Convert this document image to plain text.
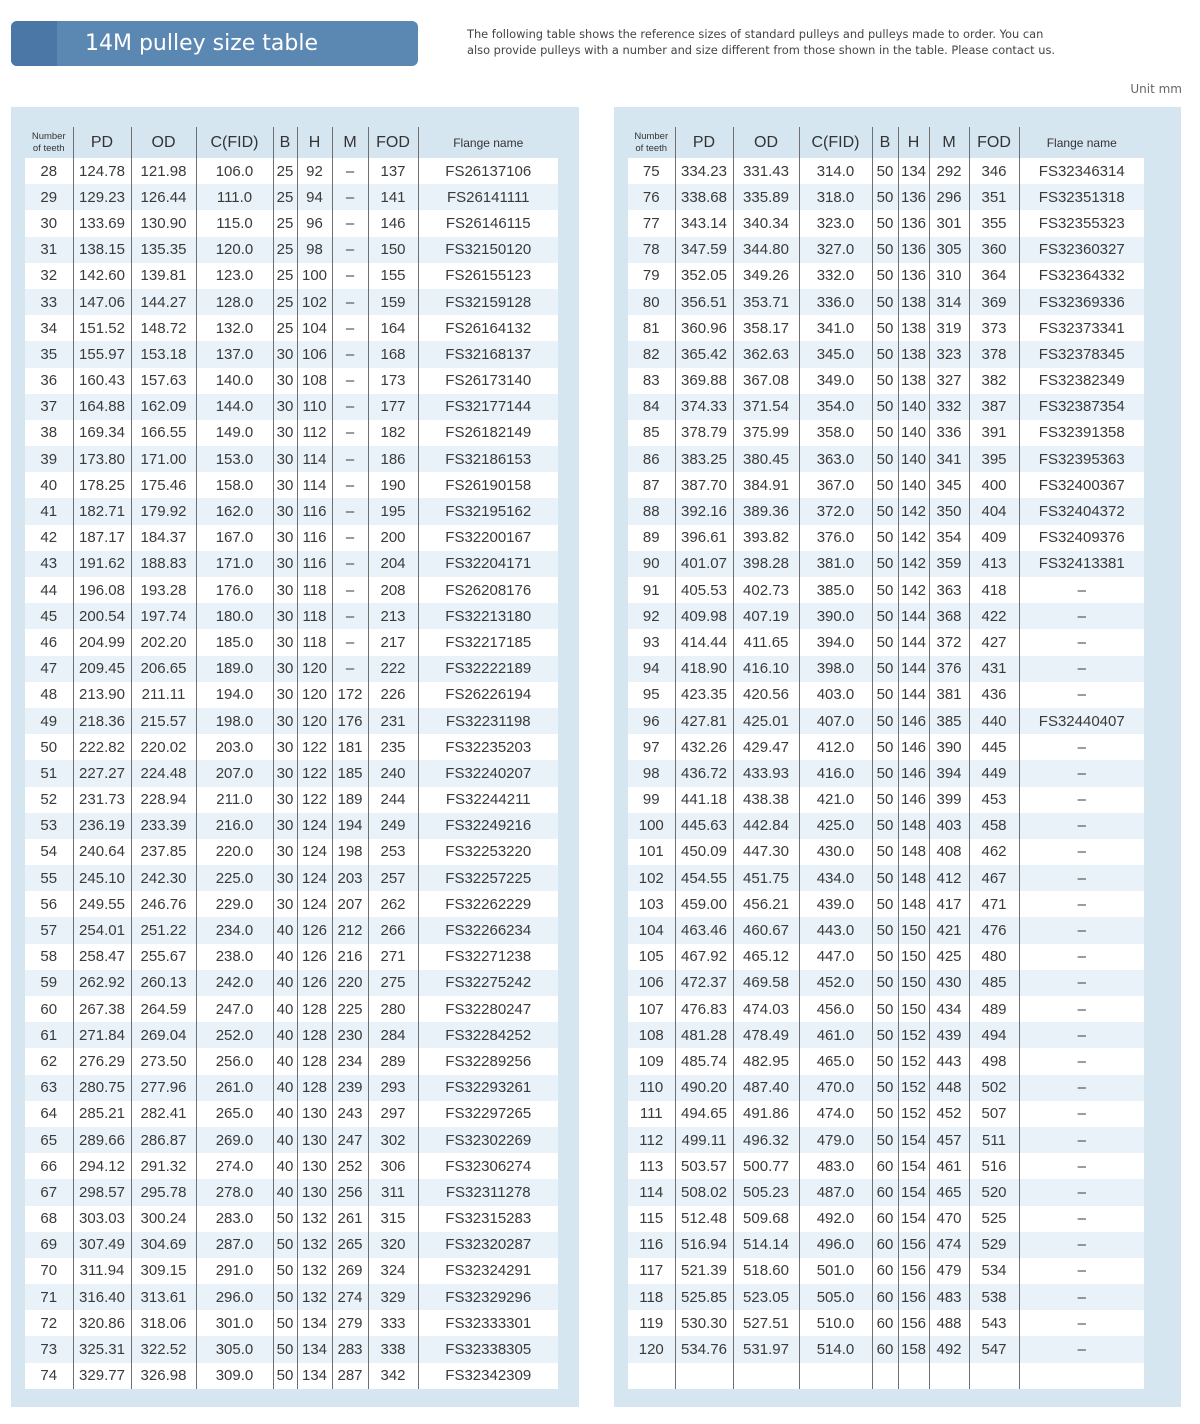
14M pulley size table	The following table shows the reference sizes of standard pulleys and pulleys made to order. You can also provide pulleys with a number and size different from those shown in the table. Please contact us.
Unit mm
Number
of teeth	PD	OD	C(FID)	B	H	M	FOD	Flange name
28	124.78	121.98	106.0	25	92	–	137	FS26137106
29	129.23	126.44	111.0	25	94	–	141	FS26141111
30	133.69	130.90	115.0	25	96	–	146	FS26146115
31	138.15	135.35	120.0	25	98	–	150	FS32150120
32	142.60	139.81	123.0	25	100	–	155	FS26155123
33	147.06	144.27	128.0	25	102	–	159	FS32159128
34	151.52	148.72	132.0	25	104	–	164	FS26164132
35	155.97	153.18	137.0	30	106	–	168	FS32168137
36	160.43	157.63	140.0	30	108	–	173	FS26173140
37	164.88	162.09	144.0	30	110	–	177	FS32177144
38	169.34	166.55	149.0	30	112	–	182	FS26182149
39	173.80	171.00	153.0	30	114	–	186	FS32186153
40	178.25	175.46	158.0	30	114	–	190	FS26190158
41	182.71	179.92	162.0	30	116	–	195	FS32195162
42	187.17	184.37	167.0	30	116	–	200	FS32200167
43	191.62	188.83	171.0	30	116	–	204	FS32204171
44	196.08	193.28	176.0	30	118	–	208	FS26208176
45	200.54	197.74	180.0	30	118	–	213	FS32213180
46	204.99	202.20	185.0	30	118	–	217	FS32217185
47	209.45	206.65	189.0	30	120	–	222	FS32222189
48	213.90	211.11	194.0	30	120	172	226	FS26226194
49	218.36	215.57	198.0	30	120	176	231	FS32231198
50	222.82	220.02	203.0	30	122	181	235	FS32235203
51	227.27	224.48	207.0	30	122	185	240	FS32240207
52	231.73	228.94	211.0	30	122	189	244	FS32244211
53	236.19	233.39	216.0	30	124	194	249	FS32249216
54	240.64	237.85	220.0	30	124	198	253	FS32253220
55	245.10	242.30	225.0	30	124	203	257	FS32257225
56	249.55	246.76	229.0	30	124	207	262	FS32262229
57	254.01	251.22	234.0	40	126	212	266	FS32266234
58	258.47	255.67	238.0	40	126	216	271	FS32271238
59	262.92	260.13	242.0	40	126	220	275	FS32275242
60	267.38	264.59	247.0	40	128	225	280	FS32280247
61	271.84	269.04	252.0	40	128	230	284	FS32284252
62	276.29	273.50	256.0	40	128	234	289	FS32289256
63	280.75	277.96	261.0	40	128	239	293	FS32293261
64	285.21	282.41	265.0	40	130	243	297	FS32297265
65	289.66	286.87	269.0	40	130	247	302	FS32302269
66	294.12	291.32	274.0	40	130	252	306	FS32306274
67	298.57	295.78	278.0	40	130	256	311	FS32311278
68	303.03	300.24	283.0	50	132	261	315	FS32315283
69	307.49	304.69	287.0	50	132	265	320	FS32320287
70	311.94	309.15	291.0	50	132	269	324	FS32324291
71	316.40	313.61	296.0	50	132	274	329	FS32329296
72	320.86	318.06	301.0	50	134	279	333	FS32333301
73	325.31	322.52	305.0	50	134	283	338	FS32338305
74	329.77	326.98	309.0	50	134	287	342	FS32342309
Number
of teeth	PD	OD	C(FID)	B	H	M	FOD	Flange name
75	334.23	331.43	314.0	50	134	292	346	FS32346314
76	338.68	335.89	318.0	50	136	296	351	FS32351318
77	343.14	340.34	323.0	50	136	301	355	FS32355323
78	347.59	344.80	327.0	50	136	305	360	FS32360327
79	352.05	349.26	332.0	50	136	310	364	FS32364332
80	356.51	353.71	336.0	50	138	314	369	FS32369336
81	360.96	358.17	341.0	50	138	319	373	FS32373341
82	365.42	362.63	345.0	50	138	323	378	FS32378345
83	369.88	367.08	349.0	50	138	327	382	FS32382349
84	374.33	371.54	354.0	50	140	332	387	FS32387354
85	378.79	375.99	358.0	50	140	336	391	FS32391358
86	383.25	380.45	363.0	50	140	341	395	FS32395363
87	387.70	384.91	367.0	50	140	345	400	FS32400367
88	392.16	389.36	372.0	50	142	350	404	FS32404372
89	396.61	393.82	376.0	50	142	354	409	FS32409376
90	401.07	398.28	381.0	50	142	359	413	FS32413381
91	405.53	402.73	385.0	50	142	363	418	–
92	409.98	407.19	390.0	50	144	368	422	–
93	414.44	411.65	394.0	50	144	372	427	–
94	418.90	416.10	398.0	50	144	376	431	–
95	423.35	420.56	403.0	50	144	381	436	–
96	427.81	425.01	407.0	50	146	385	440	FS32440407
97	432.26	429.47	412.0	50	146	390	445	–
98	436.72	433.93	416.0	50	146	394	449	–
99	441.18	438.38	421.0	50	146	399	453	–
100	445.63	442.84	425.0	50	148	403	458	–
101	450.09	447.30	430.0	50	148	408	462	–
102	454.55	451.75	434.0	50	148	412	467	–
103	459.00	456.21	439.0	50	148	417	471	–
104	463.46	460.67	443.0	50	150	421	476	–
105	467.92	465.12	447.0	50	150	425	480	–
106	472.37	469.58	452.0	50	150	430	485	–
107	476.83	474.03	456.0	50	150	434	489	–
108	481.28	478.49	461.0	50	152	439	494	–
109	485.74	482.95	465.0	50	152	443	498	–
110	490.20	487.40	470.0	50	152	448	502	–
111	494.65	491.86	474.0	50	152	452	507	–
112	499.11	496.32	479.0	50	154	457	511	–
113	503.57	500.77	483.0	60	154	461	516	–
114	508.02	505.23	487.0	60	154	465	520	–
115	512.48	509.68	492.0	60	154	470	525	–
116	516.94	514.14	496.0	60	156	474	529	–
117	521.39	518.60	501.0	60	156	479	534	–
118	525.85	523.05	505.0	60	156	483	538	–
119	530.30	527.51	510.0	60	156	488	543	–
120	534.76	531.97	514.0	60	158	492	547	–
